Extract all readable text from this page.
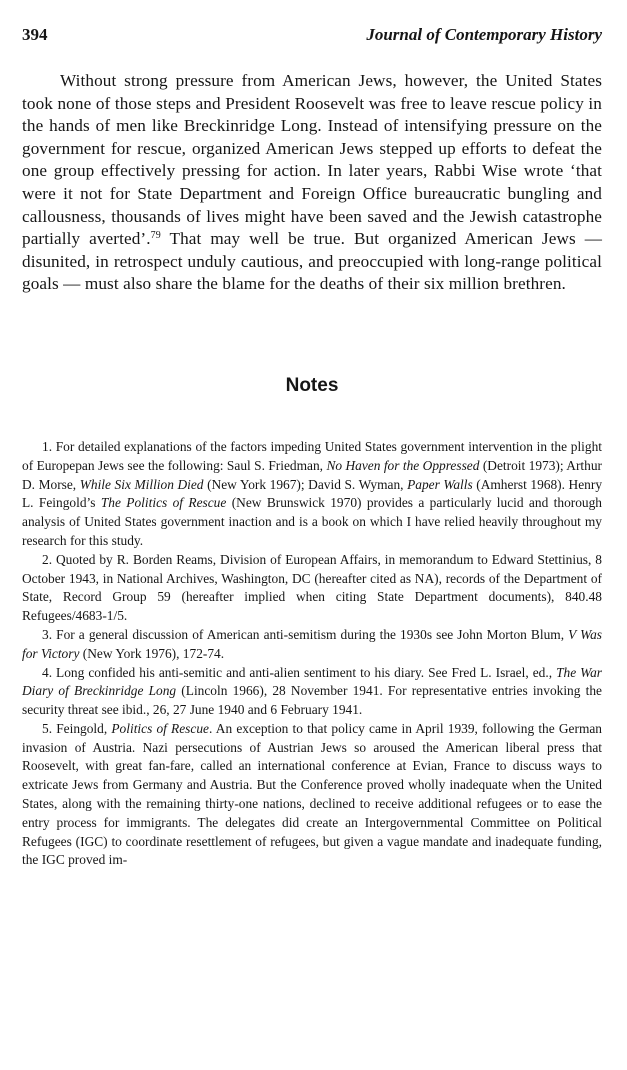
394	Journal of Contemporary History

Without strong pressure from American Jews, however, the United States took none of those steps and President Roosevelt was free to leave rescue policy in the hands of men like Breckinridge Long. Instead of intensifying pressure on the government for rescue, organized American Jews stepped up efforts to defeat the one group effectively pressing for action. In later years, Rabbi Wise wrote ‘that were it not for State Department and Foreign Office bureaucratic bungling and callousness, thousands of lives might have been saved and the Jewish catastrophe partially averted’.$^{79}$ That may well be true. But organized American Jews — disunited, in retrospect unduly cautious, and preoccupied with long-range political goals — must also share the blame for the deaths of their six million brethren.

Notes
1. For detailed explanations of the factors impeding United States government intervention in the plight of Europepan Jews see the following: Saul S. Friedman, No Haven for the Oppressed (Detroit 1973); Arthur D. Morse, While Six Million Died (New York 1967); David S. Wyman, Paper Walls (Amherst 1968). Henry L. Feingold’s The Politics of Rescue (New Brunswick 1970) provides a particularly lucid and thorough analysis of United States government inaction and is a book on which I have relied heavily throughout my research for this study.
2. Quoted by R. Borden Reams, Division of European Affairs, in memorandum to Edward Stettinius, 8 October 1943, in National Archives, Washington, DC (hereafter cited as NA), records of the Department of State, Record Group 59 (hereafter implied when citing State Department documents), 840.48 Refugees/4683-1/5.
3. For a general discussion of American anti-semitism during the 1930s see John Morton Blum, V Was for Victory (New York 1976), 172-74.
4. Long confided his anti-semitic and anti-alien sentiment to his diary. See Fred L. Israel, ed., The War Diary of Breckinridge Long (Lincoln 1966), 28 November 1941. For representative entries invoking the security threat see ibid., 26, 27 June 1940 and 6 February 1941.
5. Feingold, Politics of Rescue. An exception to that policy came in April 1939, following the German invasion of Austria. Nazi persecutions of Austrian Jews so aroused the American liberal press that Roosevelt, with great fan-fare, called an international conference at Evian, France to discuss ways to extricate Jews from Germany and Austria. But the Conference proved wholly inadequate when the United States, along with the remaining thirty-one nations, declined to receive additional refugees or to ease the entry process for immigrants. The delegates did create an Intergovernmental Committee on Political Refugees (IGC) to coordinate resettlement of refugees, but given a vague mandate and inadequate funding, the IGC proved im-
